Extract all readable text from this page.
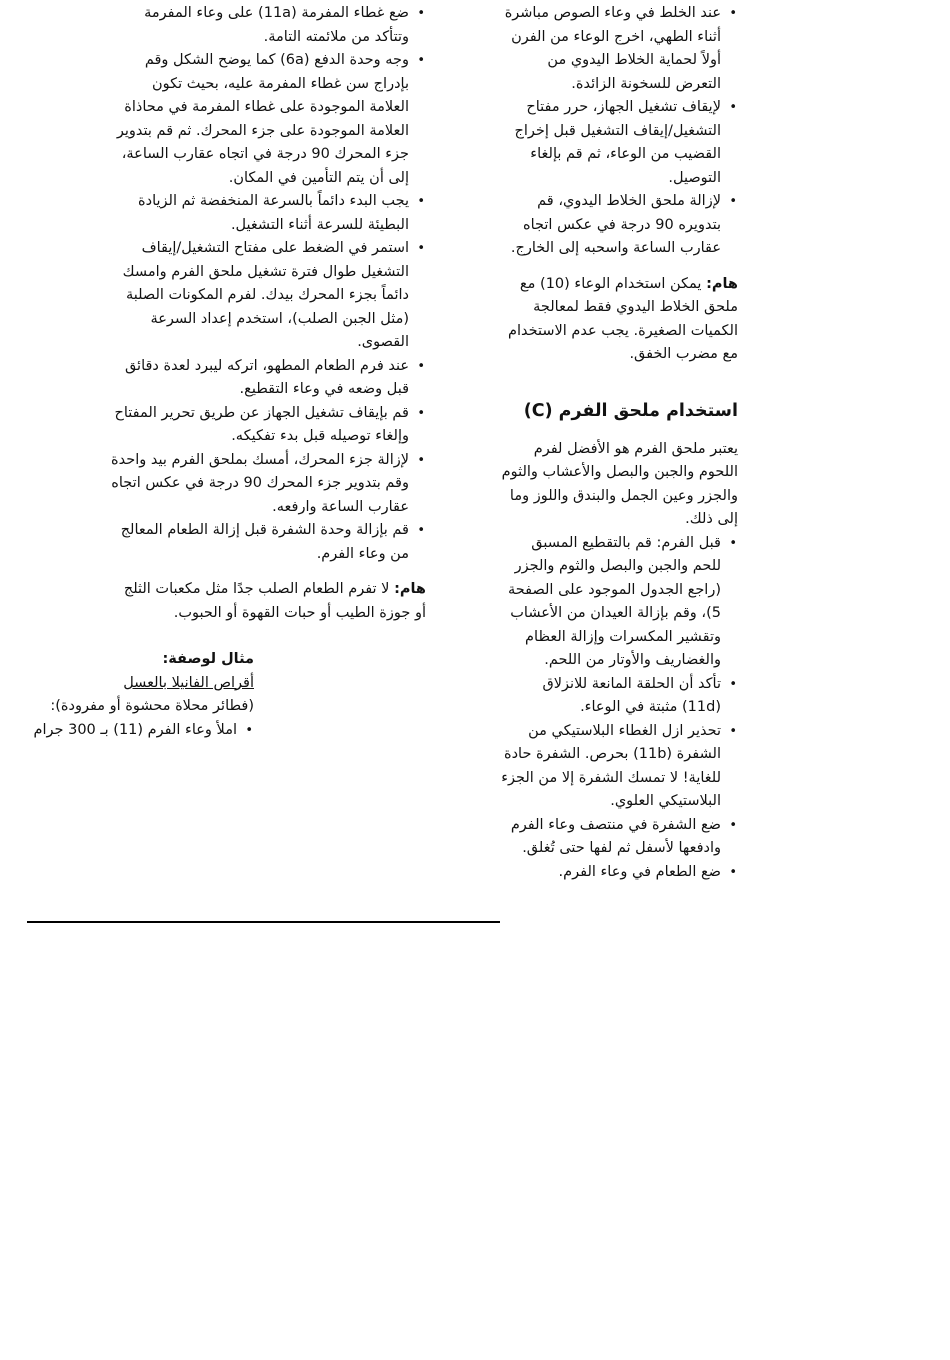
•
عند الخلط في وعاء الصوص مباشرة أثناء الطهي، اخرج الوعاء من الفرن أولاً لحماية الخلاط اليدوي من التعرض للسخونة الزائدة.
•
لإيقاف تشغيل الجهاز، حرر مفتاح التشغيل/إيقاف التشغيل قبل إخراج القضيب من الوعاء، ثم قم بإلغاء التوصيل.
•
لإزالة ملحق الخلاط اليدوي، قم بتدويره 90 درجة في عكس اتجاه عقارب الساعة واسحبه إلى الخارج.
هام: يمكن استخدام الوعاء (10) مع ملحق الخلاط اليدوي فقط لمعالجة الكميات الصغيرة. يجب عدم الاستخدام مع مضرب الخفق.
استخدام ملحق الفرم (C)
يعتبر ملحق الفرم هو الأفضل لفرم اللحوم والجبن والبصل والأعشاب والثوم والجزر وعين الجمل والبندق واللوز وما إلى ذلك.
•
قبل الفرم: قم بالتقطيع المسبق للحم والجبن والبصل والثوم والجزر (راجع الجدول الموجود على الصفحة 5)، وقم بإزالة العيدان من الأعشاب وتقشير المكسرات وإزالة العظام والغضاريف والأوتار من اللحم.
•
تأكد أن الحلقة المانعة للانزلاق (11d) مثبتة في الوعاء.
•
تحذير ازل الغطاء البلاستيكي من الشفرة (11b) بحرص. الشفرة حادة للغاية! لا تمسك الشفرة إلا من الجزء البلاستيكي العلوي.
•
ضع الشفرة في منتصف وعاء الفرم وادفعها لأسفل ثم لفها حتى تُغلق.
•
ضع الطعام في وعاء الفرم.
•
ضع غطاء المفرمة (11a) على وعاء المفرمة وتتأكد من ملائمته التامة.
•
وجه وحدة الدفع (6a) كما يوضح الشكل وقم بإدراج سن غطاء المفرمة عليه، بحيث تكون العلامة الموجودة على غطاء المفرمة في محاذاة العلامة الموجودة على جزء المحرك. ثم قم بتدوير جزء المحرك 90 درجة في اتجاه عقارب الساعة، إلى أن يتم التأمين في المكان.
•
يجب البدء دائماً بالسرعة المنخفضة ثم الزيادة البطيئة للسرعة أثناء التشغيل.
•
استمر في الضغط على مفتاح التشغيل/إيقاف التشغيل طوال فترة تشغيل ملحق الفرم وامسك دائماً بجزء المحرك بيدك. لفرم المكونات الصلبة (مثل الجبن الصلب)، استخدم إعداد السرعة القصوى.
•
عند فرم الطعام المطهو، اتركه ليبرد لعدة دقائق قبل وضعه في وعاء التقطيع.
•
قم بإيقاف تشغيل الجهاز عن طريق تحرير المفتاح وإلغاء توصيله قبل بدء تفكيكه.
•
لإزالة جزء المحرك، أمسك بملحق الفرم بيد واحدة وقم بتدوير جزء المحرك 90 درجة في عكس اتجاه عقارب الساعة وارفعه.
•
قم بإزالة وحدة الشفرة قبل إزالة الطعام المعالج من وعاء الفرم.
هام: لا تفرم الطعام الصلب جدًا مثل مكعبات الثلج أو جوزة الطيب أو حبات القهوة أو الحبوب.
مثال لوصفة:
أقراص الفانيلا بالعسل
(فطائر محلاة محشوة أو مفرودة):
•
املأ وعاء الفرم (11) بـ 300 جرام
